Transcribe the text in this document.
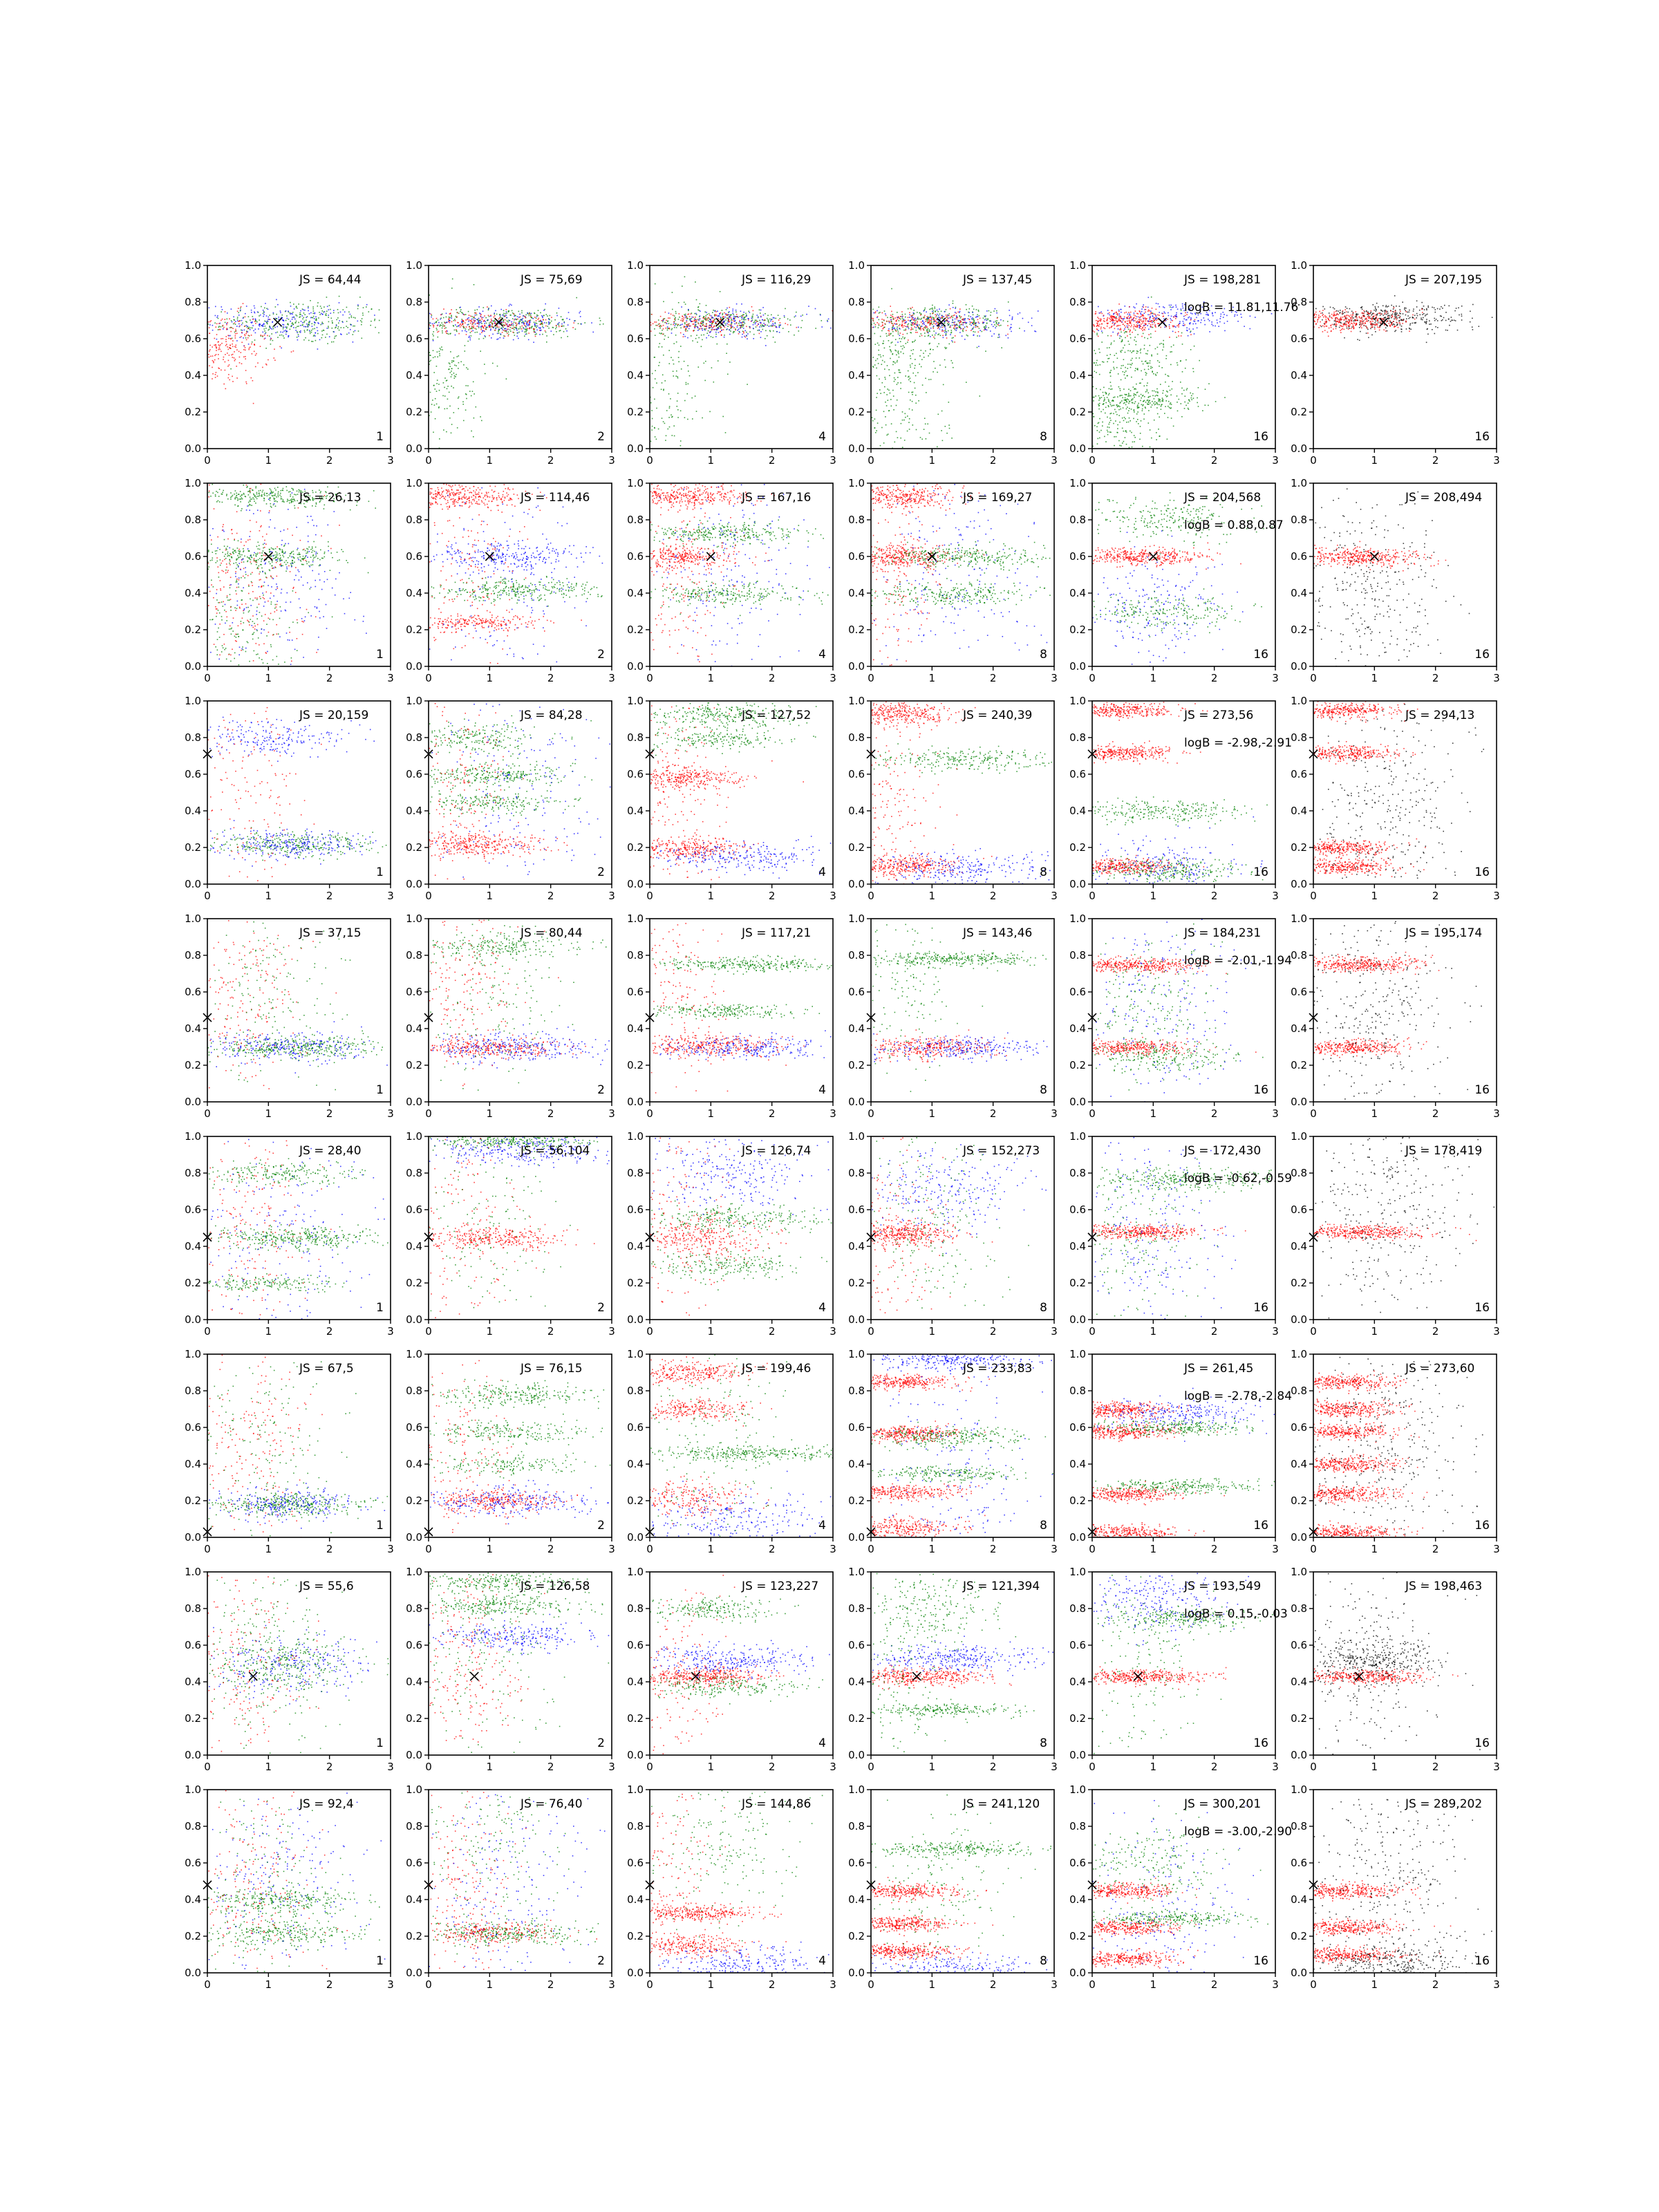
0	1	2	3
0.0
0.2
0.4
0.6
0.8
1.0
JS = 64,44
1
0	1	2	3
0.0
0.2
0.4
0.6
0.8
1.0
JS = 75,69
2
0	1	2	3
0.0
0.2
0.4
0.6
0.8
1.0
JS = 116,29
4
0	1	2	3
0.0
0.2
0.4
0.6
0.8
1.0
JS = 137,45
8
0	1	2	3
0.0
0.2
0.4
0.6
0.8
1.0
JS = 198,281
logB = 11.81,11.76
16
0	1	2	3
0.0
0.2
0.4
0.6
0.8
1.0
JS = 207,195
16
0	1	2	3
0.0
0.2
0.4
0.6
0.8
1.0
JS = 26,13
1
0	1	2	3
0.0
0.2
0.4
0.6
0.8
1.0
JS = 114,46
2
0	1	2	3
0.0
0.2
0.4
0.6
0.8
1.0
JS = 167,16
4
0	1	2	3
0.0
0.2
0.4
0.6
0.8
1.0
JS = 169,27
8
0	1	2	3
0.0
0.2
0.4
0.6
0.8
1.0
JS = 204,568
logB = 0.88,0.87
16
0	1	2	3
0.0
0.2
0.4
0.6
0.8
1.0
JS = 208,494
16
0	1	2	3
0.0
0.2
0.4
0.6
0.8
1.0
JS = 20,159
1
0	1	2	3
0.0
0.2
0.4
0.6
0.8
1.0
JS = 84,28
2
0	1	2	3
0.0
0.2
0.4
0.6
0.8
1.0
JS = 127,52
4
0	1	2	3
0.0
0.2
0.4
0.6
0.8
1.0
JS = 240,39
8
0	1	2	3
0.0
0.2
0.4
0.6
0.8
1.0
JS = 273,56
logB = -2.98,-2.91
16
0	1	2	3
0.0
0.2
0.4
0.6
0.8
1.0
JS = 294,13
16
0	1	2	3
0.0
0.2
0.4
0.6
0.8
1.0
JS = 37,15
1
0	1	2	3
0.0
0.2
0.4
0.6
0.8
1.0
JS = 80,44
2
0	1	2	3
0.0
0.2
0.4
0.6
0.8
1.0
JS = 117,21
4
0	1	2	3
0.0
0.2
0.4
0.6
0.8
1.0
JS = 143,46
8
0	1	2	3
0.0
0.2
0.4
0.6
0.8
1.0
JS = 184,231
logB = -2.01,-1.94
16
0	1	2	3
0.0
0.2
0.4
0.6
0.8
1.0
JS = 195,174
16
0	1	2	3
0.0
0.2
0.4
0.6
0.8
1.0
JS = 28,40
1
0	1	2	3
0.0
0.2
0.4
0.6
0.8
1.0
JS = 56,104
2
0	1	2	3
0.0
0.2
0.4
0.6
0.8
1.0
JS = 126,74
4
0	1	2	3
0.0
0.2
0.4
0.6
0.8
1.0
JS = 152,273
8
0	1	2	3
0.0
0.2
0.4
0.6
0.8
1.0
JS = 172,430
logB = -0.62,-0.59
16
0	1	2	3
0.0
0.2
0.4
0.6
0.8
1.0
JS = 178,419
16
0	1	2	3
0.0
0.2
0.4
0.6
0.8
1.0
JS = 67,5
1
0	1	2	3
0.0
0.2
0.4
0.6
0.8
1.0
JS = 76,15
2
0	1	2	3
0.0
0.2
0.4
0.6
0.8
1.0
JS = 199,46
4
0	1	2	3
0.0
0.2
0.4
0.6
0.8
1.0
JS = 233,83
8
0	1	2	3
0.0
0.2
0.4
0.6
0.8
1.0
JS = 261,45
logB = -2.78,-2.84
16
0	1	2	3
0.0
0.2
0.4
0.6
0.8
1.0
JS = 273,60
16
0	1	2	3
0.0
0.2
0.4
0.6
0.8
1.0
JS = 55,6
1
0	1	2	3
0.0
0.2
0.4
0.6
0.8
1.0
JS = 126,58
2
0	1	2	3
0.0
0.2
0.4
0.6
0.8
1.0
JS = 123,227
4
0	1	2	3
0.0
0.2
0.4
0.6
0.8
1.0
JS = 121,394
8
0	1	2	3
0.0
0.2
0.4
0.6
0.8
1.0
JS = 193,549
logB = 0.15,-0.03
16
0	1	2	3
0.0
0.2
0.4
0.6
0.8
1.0
JS = 198,463
16
0	1	2	3
0.0
0.2
0.4
0.6
0.8
1.0
JS = 92,4
1
0	1	2	3
0.0
0.2
0.4
0.6
0.8
1.0
JS = 76,40
2
0	1	2	3
0.0
0.2
0.4
0.6
0.8
1.0
JS = 144,86
4
0	1	2	3
0.0
0.2
0.4
0.6
0.8
1.0
JS = 241,120
8
0	1	2	3
0.0
0.2
0.4
0.6
0.8
1.0
JS = 300,201
logB = -3.00,-2.90
16
0	1	2	3
0.0
0.2
0.4
0.6
0.8
1.0
JS = 289,202
16
